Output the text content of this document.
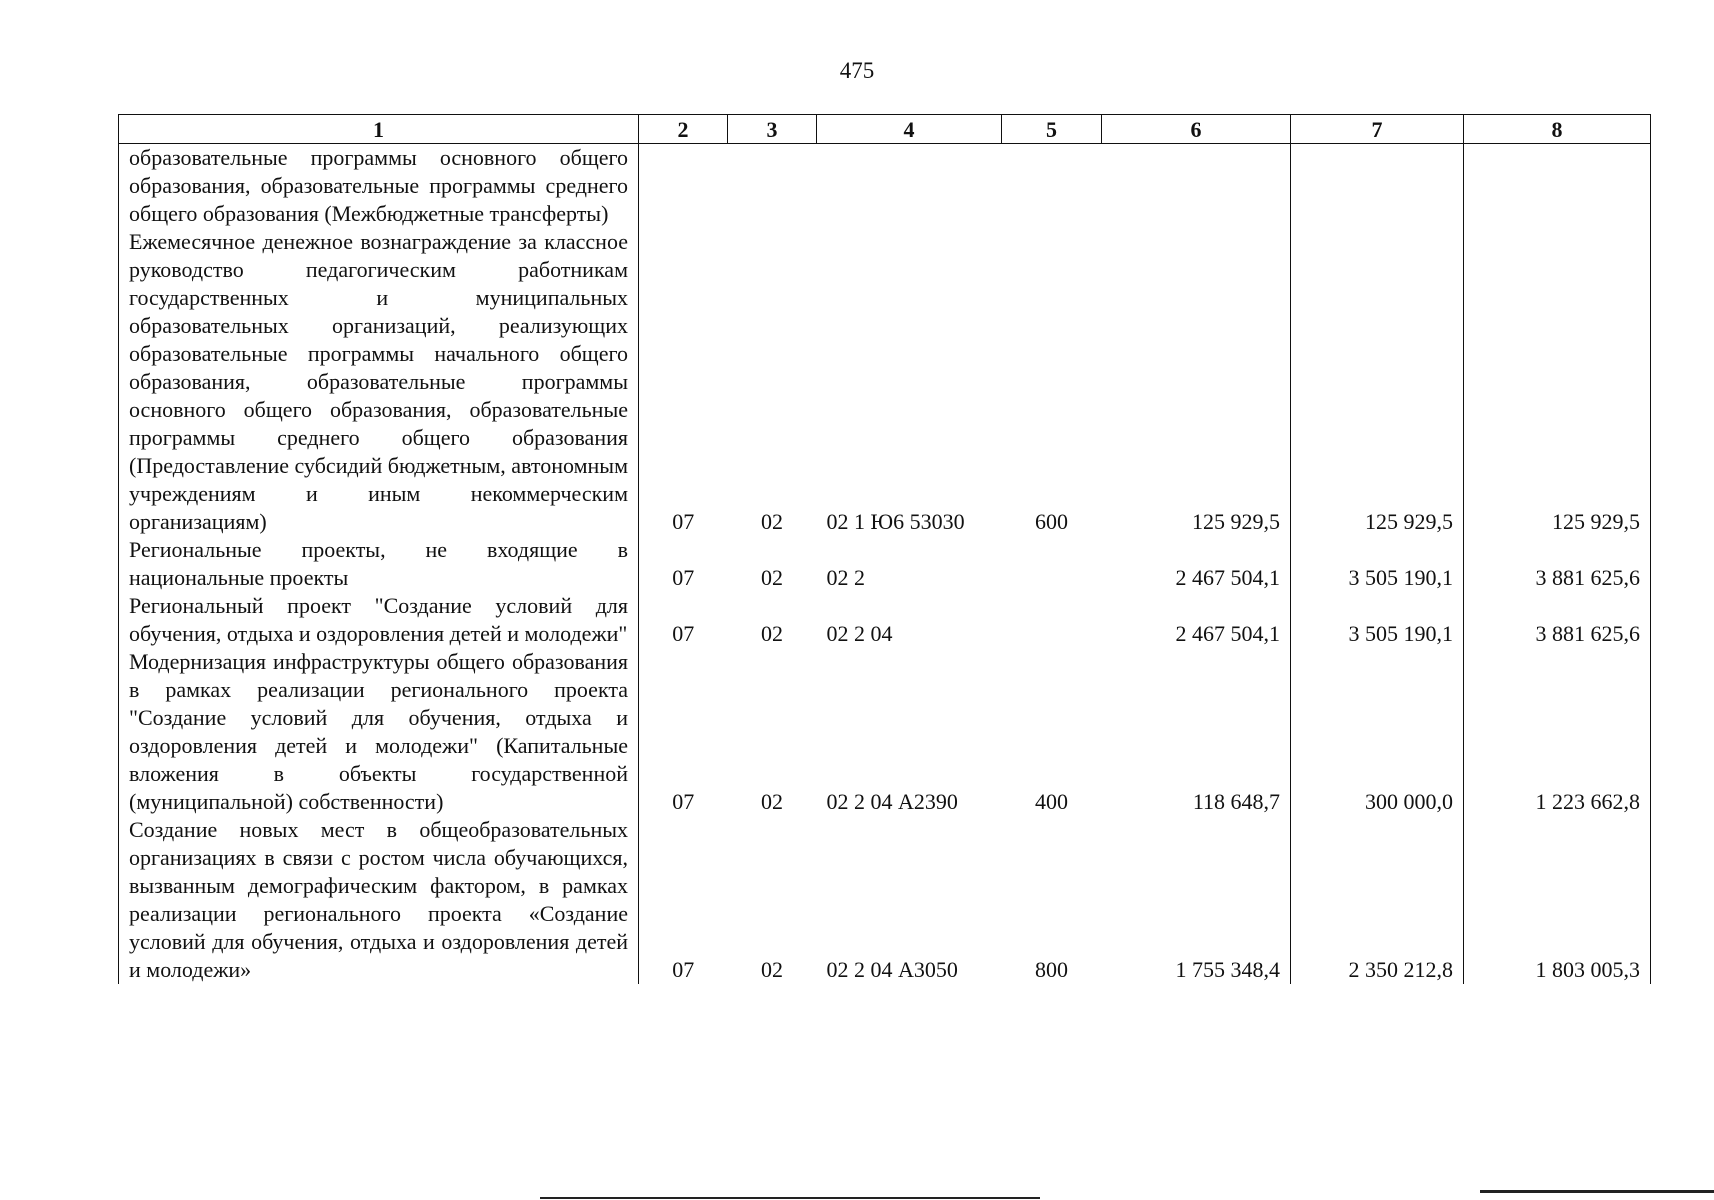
475
1	2	3	4	5	6	7	8
образовательные программы основного общего образования, образовательные программы среднего общего образования (Межбюджетные трансферты)							
Ежемесячное денежное вознаграждение за классное руководство педагогическим работникам государственных и муниципальных образовательных организаций, реализующих образовательные программы начального общего образования, образовательные программы основного общего образования, образовательные программы среднего общего образования (Предоставление субсидий бюджетным, автономным учреждениям и иным некоммерческим организациям)	07	02	02 1 Ю6 53030	600	125 929,5	125 929,5	125 929,5
Региональные проекты, не входящие в национальные проекты	07	02	02 2		2 467 504,1	3 505 190,1	3 881 625,6
Региональный проект "Создание условий для обучения, отдыха и оздоровления детей и молодежи"	07	02	02 2 04		2 467 504,1	3 505 190,1	3 881 625,6
Модернизация инфраструктуры общего образования в рамках реализации регионального проекта "Создание условий для обучения, отдыха и оздоровления детей и молодежи" (Капитальные вложения в объекты государственной (муниципальной) собственности)	07	02	02 2 04 А2390	400	118 648,7	300 000,0	1 223 662,8
Создание новых мест в общеобразовательных организациях в связи с ростом числа обучающихся, вызванным демографическим фактором, в рамках реализации регионального проекта «Создание условий для обучения, отдыха и оздоровления детей и молодежи»	07	02	02 2 04 А3050	800	1 755 348,4	2 350 212,8	1 803 005,3
